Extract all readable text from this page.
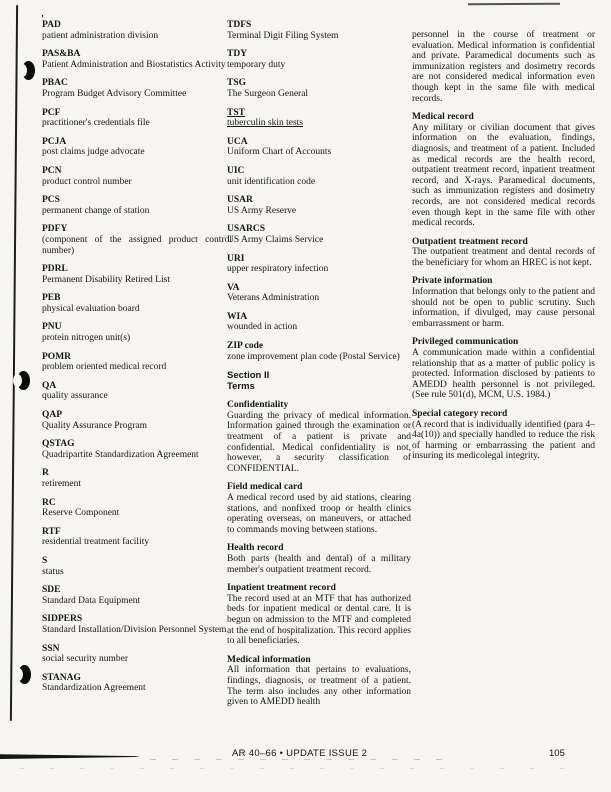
'
PAD
patient administration division
PAS&BA
Patient Administration and Biostatistics Activity
PBAC
Program Budget Advisory Committee
PCF
practitioner's credentials file
PCJA
post claims judge advocate
PCN
product control number
PCS
permanent change of station
PDFY
(component of the assigned product control number)
PDRL
Permanent Disability Retired List
PEB
physical evaluation board
PNU
protein nitrogen unit(s)
POMR
problem oriented medical record
QA
quality assurance
QAP
Quality Assurance Program
QSTAG
Quadripartite Standardization Agreement
R
retirement
RC
Reserve Component
RTF
residential treatment facility
S
status
SDE
Standard Data Equipment
SIDPERS
Standard Installation/Division Personnel System
SSN
social security number
STANAG
Standardization Agreement
TDFS
Terminal Digit Filing System
TDY
temporary duty
TSG
The Surgeon General
TST
tuberculin skin tests
UCA
Uniform Chart of Accounts
UIC
unit identification code
USAR
US Army Reserve
USARCS
US Army Claims Service
URI
upper respiratory infection
VA
Veterans Administration
WIA
wounded in action
ZIP code
zone improvement plan code (Postal Service)
Section II
Terms
Confidentiality
Guarding the privacy of medical information. Information gained through the examination or treatment of a patient is private and confidential. Medical confidentiality is not, however, a security classification of CONFIDENTIAL.
Field medical card
A medical record used by aid stations, clearing stations, and nonfixed troop or health clinics operating overseas, on maneuvers, or attached to commands moving between stations.
Health record
Both parts (health and dental) of a military member's outpatient treatment record.
Inpatient treatment record
The record used at an MTF that has authorized beds for inpatient medical or dental care. It is begun on admission to the MTF and completed at the end of hospitalization. This record applies to all beneficiaries.
Medical information
All information that pertains to evaluations, findings, diagnosis, or treatment of a patient. The term also includes any other information given to AMEDD health
personnel in the course of treatment or evaluation. Medical information is confidential and private. Paramedical documents such as immunization registers and dosimetry records are not considered medical information even though kept in the same file with medical records.
Medical record
Any military or civilian document that gives information on the evaluation, findings, diagnosis, and treatment of a patient. Included as medical records are the health record, outpatient treatment record, inpatient treatment record, and X-rays. Paramedical documents, such as immunization registers and dosimetry records, are not considered medical records even though kept in the same file with other medical records.
Outpatient treatment record
The outpatient treatment and dental records of the beneficiary for whom an HREC is not kept.
Private information
Information that belongs only to the patient and should not be open to public scrutiny. Such information, if divulged, may cause personal embarrassment or harm.
Privileged communication
A communication made within a confidential relationship that as a matter of public policy is protected. Information disclosed by patients to AMEDD health personnel is not privileged.(See rule 501(d), MCM, U.S. 1984.)
Special category record
(A record that is individually identified (para 4–4a(10)) and specially handled to reduce the risk of harming or embarrassing the patient and insuring its medicolegal integrity.
AR 40–66 • UPDATE ISSUE 2	105
